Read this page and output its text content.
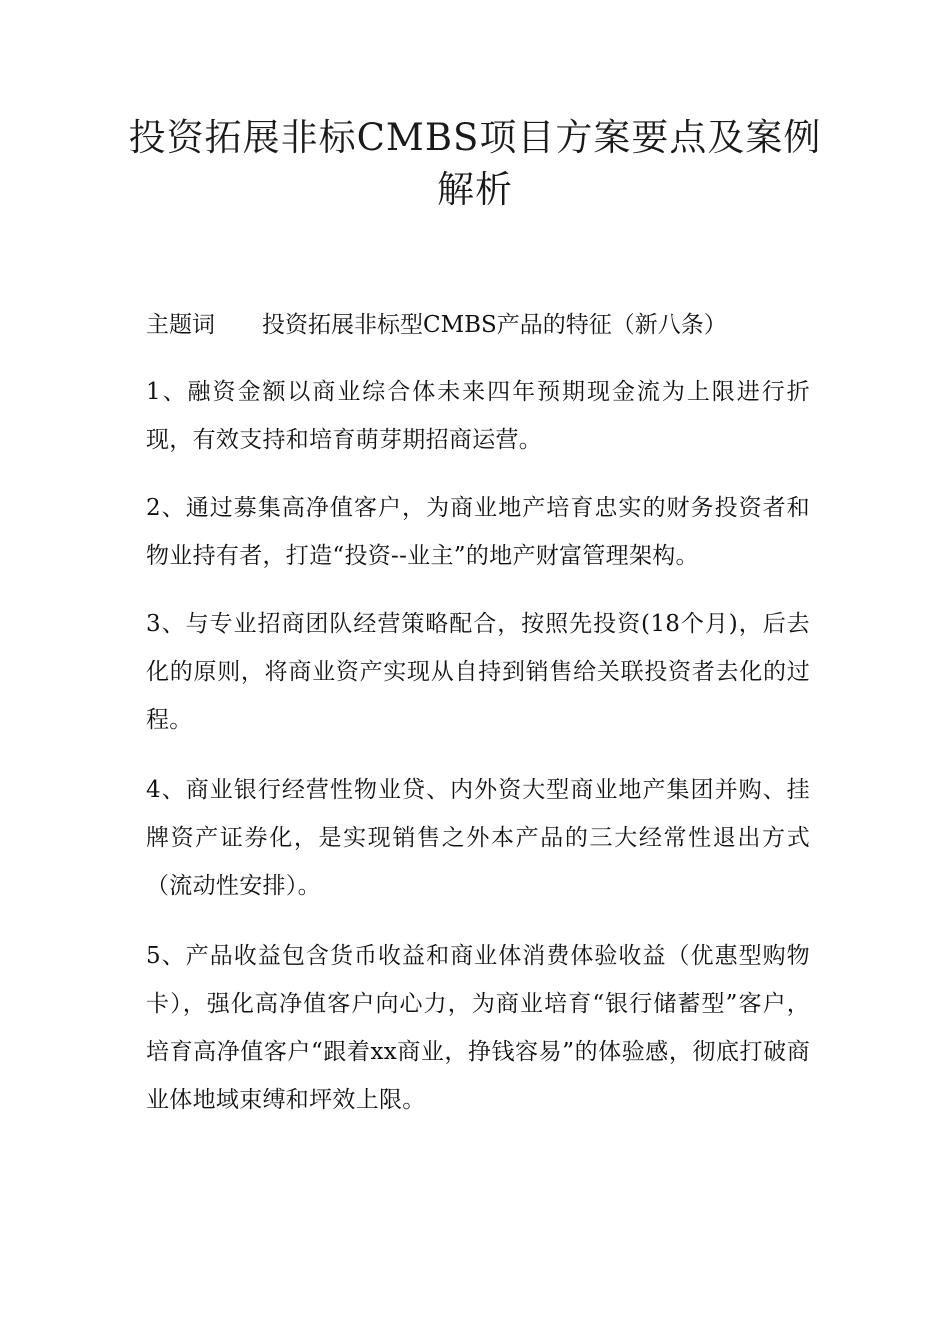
投资拓展非标CMBS项目方案要点及案例解析
主题词 投资拓展非标型CMBS产品的特征（新八条）

1、融资金额以商业综合体未来四年预期现金流为上限进行折现，有效支持和培育萌芽期招商运营。

2、通过募集高净值客户，为商业地产培育忠实的财务投资者和物业持有者，打造“投资--业主”的地产财富管理架构。

3、与专业招商团队经营策略配合，按照先投资(18个月)，后去化的原则，将商业资产实现从自持到销售给关联投资者去化的过程。

4、商业银行经营性物业贷、内外资大型商业地产集团并购、挂牌资产证券化，是实现销售之外本产品的三大经常性退出方式（流动性安排）。

5、产品收益包含货币收益和商业体消费体验收益（优惠型购物卡），强化高净值客户向心力，为商业培育“银行储蓄型”客户，培育高净值客户“跟着xx商业，挣钱容易”的体验感，彻底打破商业体地域束缚和坪效上限。
